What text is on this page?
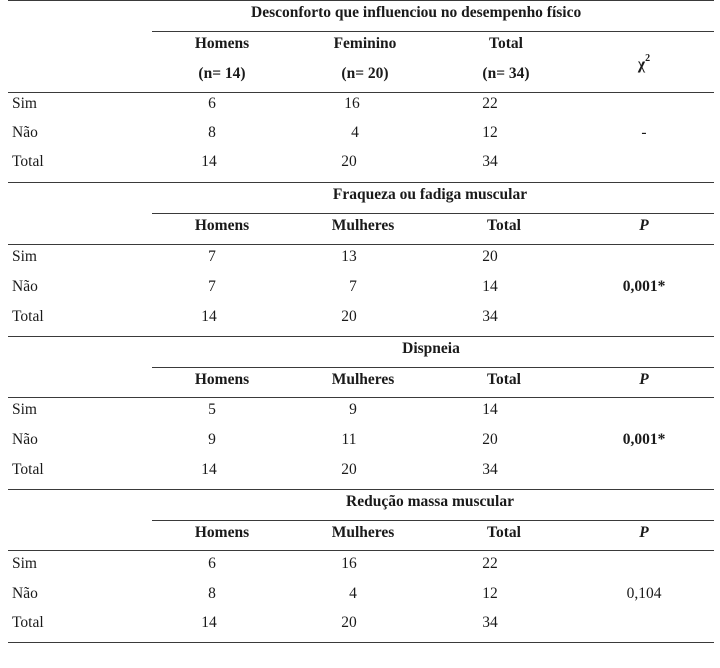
Desconforto que influenciou no desempenho físico
Homens	Feminino	Total
(n= 14)	(n= 20)	(n= 34)
$\chi^2$
Sim	6	16	22
Não	8	4	12	-
Total	14	20	34
Fraqueza ou fadiga muscular
Homens	Mulheres	Total	P
Sim	7	13	20
Não	7	7	14	0,001*
Total	14	20	34
Dispneia
Homens	Mulheres	Total	P
Sim	5	9	14
Não	9	11	20	0,001*
Total	14	20	34
Redução massa muscular
Homens	Mulheres	Total	P
Sim	6	16	22
Não	8	4	12	0,104
Total	14	20	34
